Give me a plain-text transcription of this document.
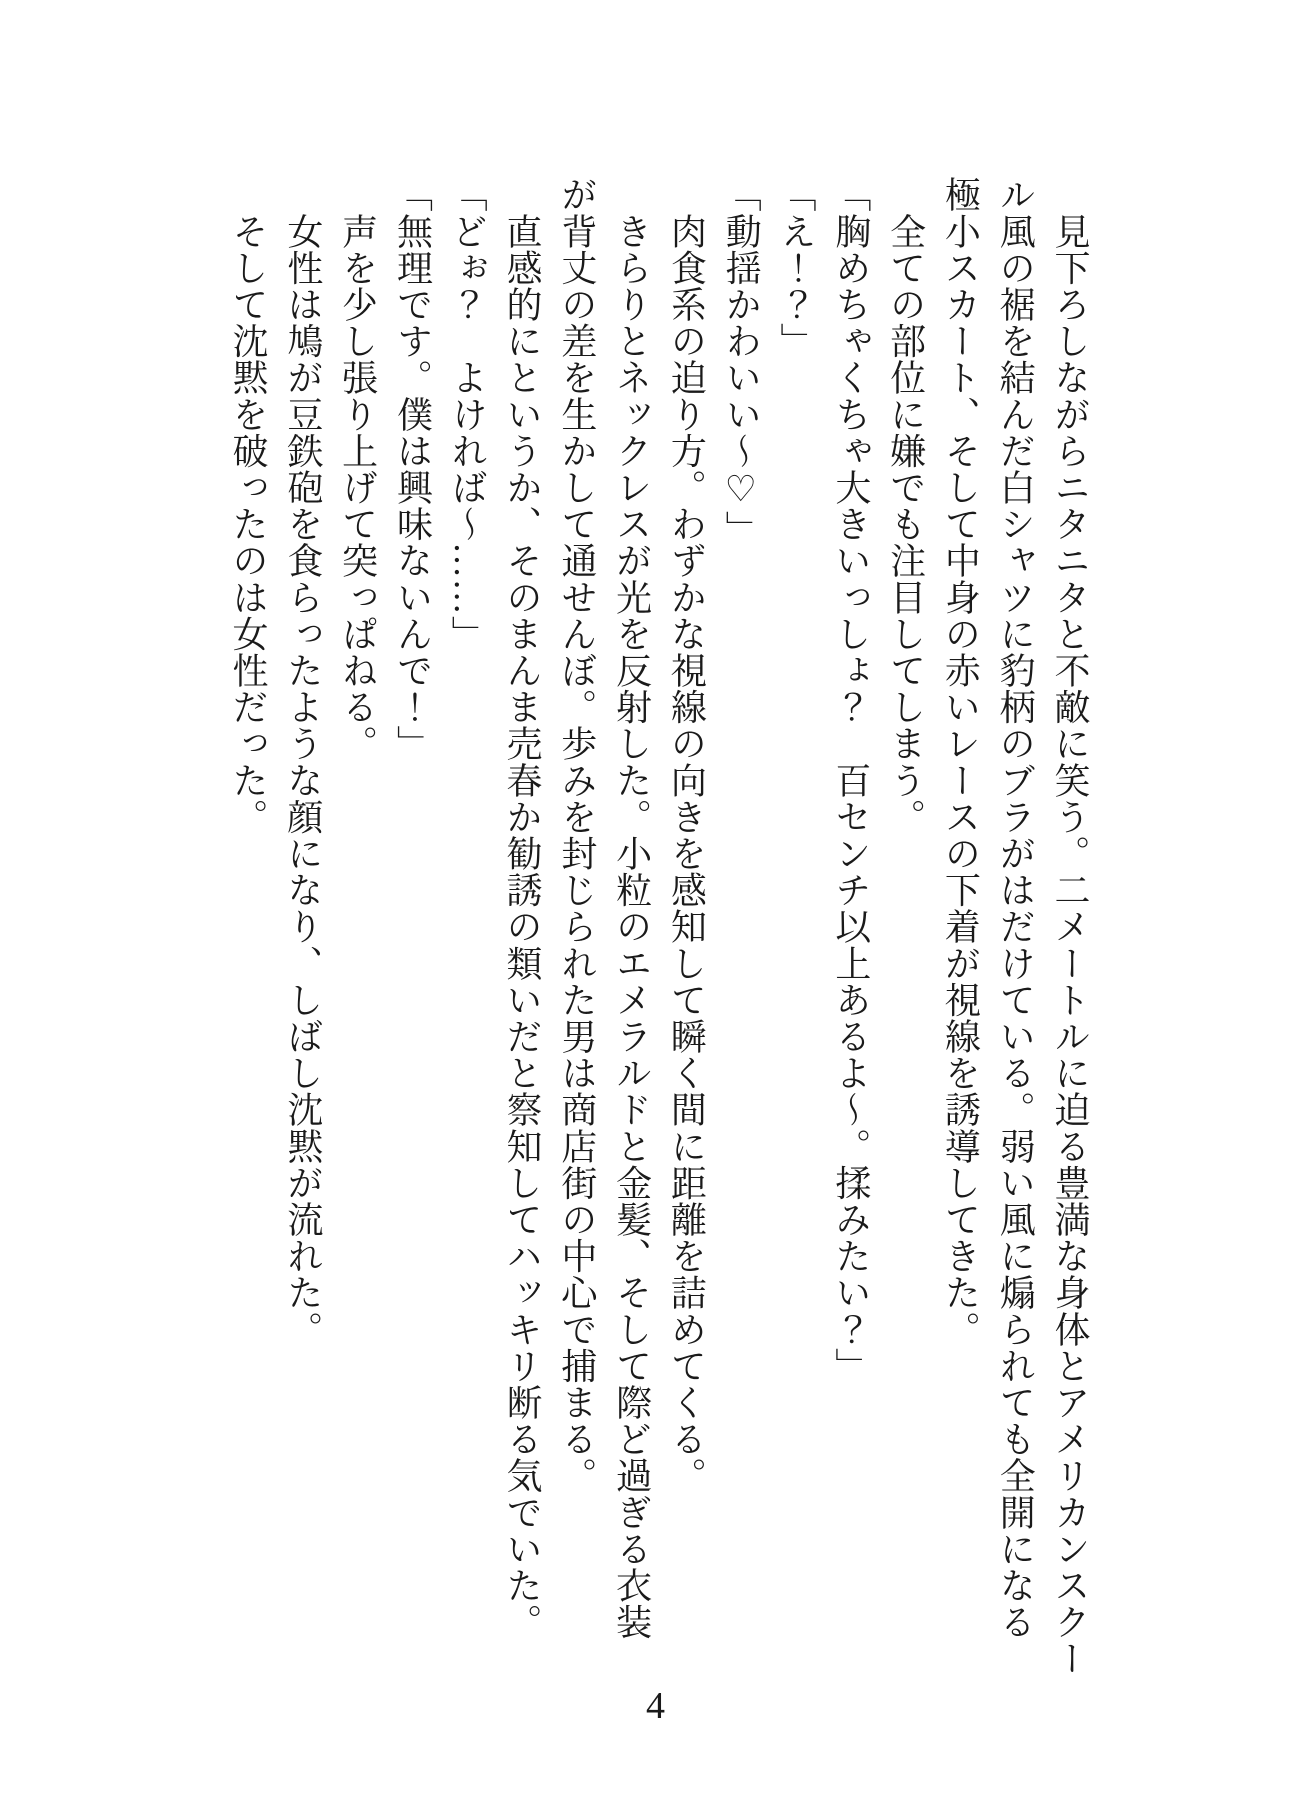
　見下ろしながらニタニタと不敵に笑う。二メートルに迫る豊満な身体とアメリカンスクー
ル風の裾を結んだ白シャツに豹柄のブラがはだけている。弱い風に煽られても全開になる
極小スカート、そして中身の赤いレースの下着が視線を誘導してきた。
　全ての部位に嫌でも注目してしまう。
「胸めちゃくちゃ大きいっしょ？　百センチ以上あるよ〜。揉みたい？」
「え！？」
「動揺かわいい〜♡」
　肉食系の迫り方。わずかな視線の向きを感知して瞬く間に距離を詰めてくる。
　きらりとネックレスが光を反射した。小粒のエメラルドと金髪、そして際ど過ぎる衣装
が背丈の差を生かして通せんぼ。歩みを封じられた男は商店街の中心で捕まる。
　直感的にというか、そのまんま売春か勧誘の類いだと察知してハッキリ断る気でいた。
「どぉ？　よければ〜……」
「無理です。僕は興味ないんで！」
　声を少し張り上げて突っぱねる。
　女性は鳩が豆鉄砲を食らったような顔になり、しばし沈黙が流れた。
　そして沈黙を破ったのは女性だった。
4
